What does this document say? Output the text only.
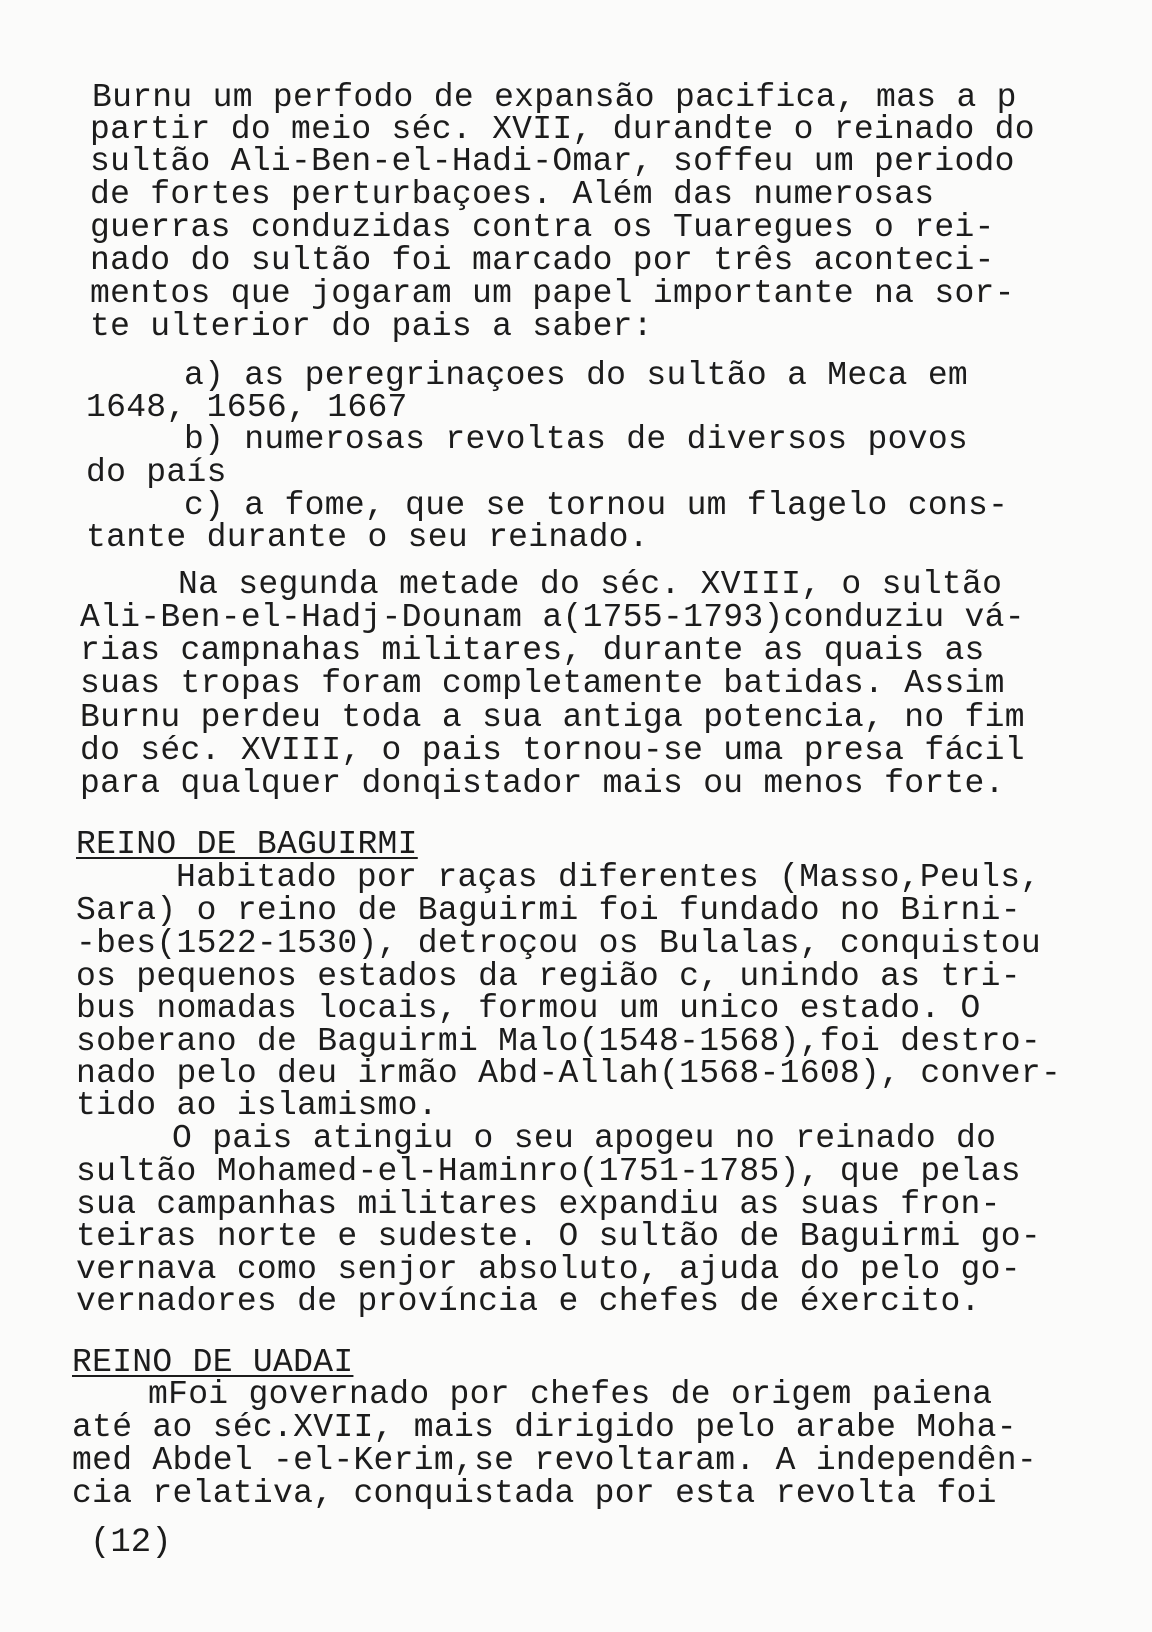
Burnu um perfodo de expansão pacifica, mas a p
partir do meio séc. XVII, durandte o reinado do
sultão Ali-Ben-el-Hadi-Omar, soffeu um periodo
de fortes perturbaçoes. Além das numerosas
guerras conduzidas contra os Tuaregues o rei-
nado do sultão foi marcado por três aconteci-
mentos que jogaram um papel importante na sor-
te ulterior do pais a saber:
a) as peregrinaçoes do sultão a Meca em
1648, 1656, 1667
b) numerosas revoltas de diversos povos
do país
c) a fome, que se tornou um flagelo cons-
tante durante o seu reinado.
Na segunda metade do séc. XVIII, o sultão
Ali-Ben-el-Hadj-Dounam a(1755-1793)conduziu vá-
rias campnahas militares, durante as quais as
suas tropas foram completamente batidas. Assim
Burnu perdeu toda a sua antiga potencia, no fim
do séc. XVIII, o pais tornou-se uma presa fácil
para qualquer donqistador mais ou menos forte.
REINO DE BAGUIRMI
Habitado por raças diferentes (Masso,Peuls,
Sara) o reino de Baguirmi foi fundado no Birni-
-bes(1522-1530), detroçou os Bulalas, conquistou
os pequenos estados da região c, unindo as tri-
bus nomadas locais, formou um unico estado. O
soberano de Baguirmi Malo(1548-1568),foi destro-
nado pelo deu irmão Abd-Allah(1568-1608), conver-
tido ao islamismo.
O pais atingiu o seu apogeu no reinado do
sultão Mohamed-el-Haminro(1751-1785), que pelas
sua campanhas militares expandiu as suas fron-
teiras norte e sudeste. O sultão de Baguirmi go-
vernava como senjor absoluto, ajuda do pelo go-
vernadores de província e chefes de éxercito.
REINO DE UADAI
mFoi governado por chefes de origem paiena
até ao séc.XVII, mais dirigido pelo arabe Moha-
med Abdel -el-Kerim,se revoltaram. A independên-
cia relativa, conquistada por esta revolta foi
(12)
